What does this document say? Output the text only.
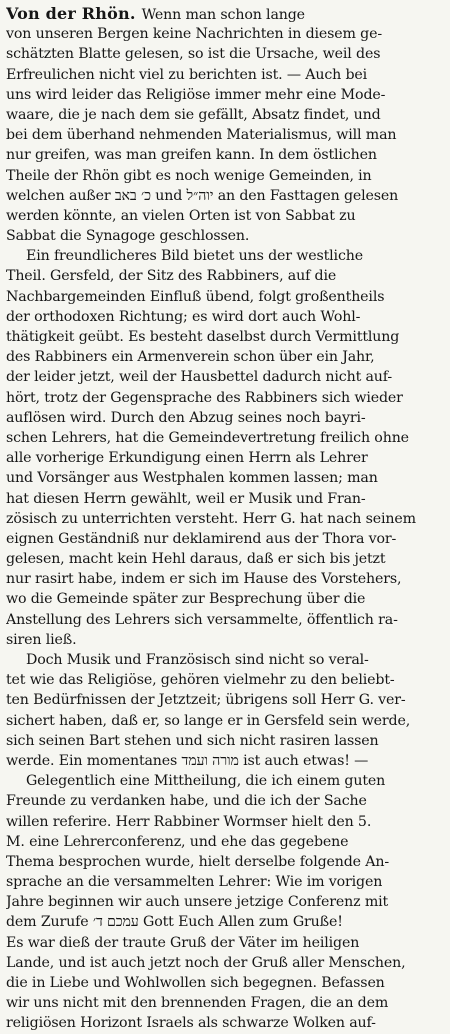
Von der Rhön. Wenn man schon lange
von unseren Bergen keine Nachrichten in diesem ge-
schätzten Blatte gelesen, so ist die Ursache, weil des
Erfreulichen nicht viel zu berichten ist. — Auch bei
uns wird leider das Religiöse immer mehr eine Mode-
waare, die je nach dem sie gefällt, Absatz findet, und
bei dem überhand nehmenden Materialismus, will man
nur greifen, was man greifen kann. In dem östlichen
Theile der Rhön gibt es noch wenige Gemeinden, in
welchen außer כ׳ באב und יוה״ל an den Fasttagen gelesen
werden könnte, an vielen Orten ist von Sabbat zu
Sabbat die Synagoge geschlossen.
Ein freundlicheres Bild bietet uns der westliche
Theil. Gersfeld, der Sitz des Rabbiners, auf die
Nachbargemeinden Einfluß übend, folgt großentheils
der orthodoxen Richtung; es wird dort auch Wohl-
thätigkeit geübt. Es besteht daselbst durch Vermittlung
des Rabbiners ein Armenverein schon über ein Jahr,
der leider jetzt, weil der Hausbettel dadurch nicht auf-
hört, trotz der Gegensprache des Rabbiners sich wieder
auflösen wird. Durch den Abzug seines noch bayri-
schen Lehrers, hat die Gemeindevertretung freilich ohne
alle vorherige Erkundigung einen Herrn als Lehrer
und Vorsänger aus Westphalen kommen lassen; man
hat diesen Herrn gewählt, weil er Musik und Fran-
zösisch zu unterrichten versteht. Herr G. hat nach seinem
eignen Geständniß nur deklamirend aus der Thora vor-
gelesen, macht kein Hehl daraus, daß er sich bis jetzt
nur rasirt habe, indem er sich im Hause des Vorstehers,
wo die Gemeinde später zur Besprechung über die
Anstellung des Lehrers sich versammelte, öffentlich ra-
siren ließ.
Doch Musik und Französisch sind nicht so veral-
tet wie das Religiöse, gehören vielmehr zu den beliebt-
ten Bedürfnissen der Jetztzeit; übrigens soll Herr G. ver-
sichert haben, daß er, so lange er in Gersfeld sein werde,
sich seinen Bart stehen und sich nicht rasiren lassen
werde. Ein momentanes מורה ועמד ist auch etwas! —
Gelegentlich eine Mittheilung, die ich einem guten
Freunde zu verdanken habe, und die ich der Sache
willen referire. Herr Rabbiner Wormser hielt den 5.
M. eine Lehrerconferenz, und ehe das gegebene
Thema besprochen wurde, hielt derselbe folgende An-
sprache an die versammelten Lehrer: Wie im vorigen
Jahre beginnen wir auch unsere jetzige Conferenz mit
dem Zurufe עמכם ד׳ Gott Euch Allen zum Gruße!
Es war dieß der traute Gruß der Väter im heiligen
Lande, und ist auch jetzt noch der Gruß aller Menschen,
die in Liebe und Wohlwollen sich begegnen. Befassen
wir uns nicht mit den brennenden Fragen, die an dem
religiösen Horizont Israels als schwarze Wolken auf-
